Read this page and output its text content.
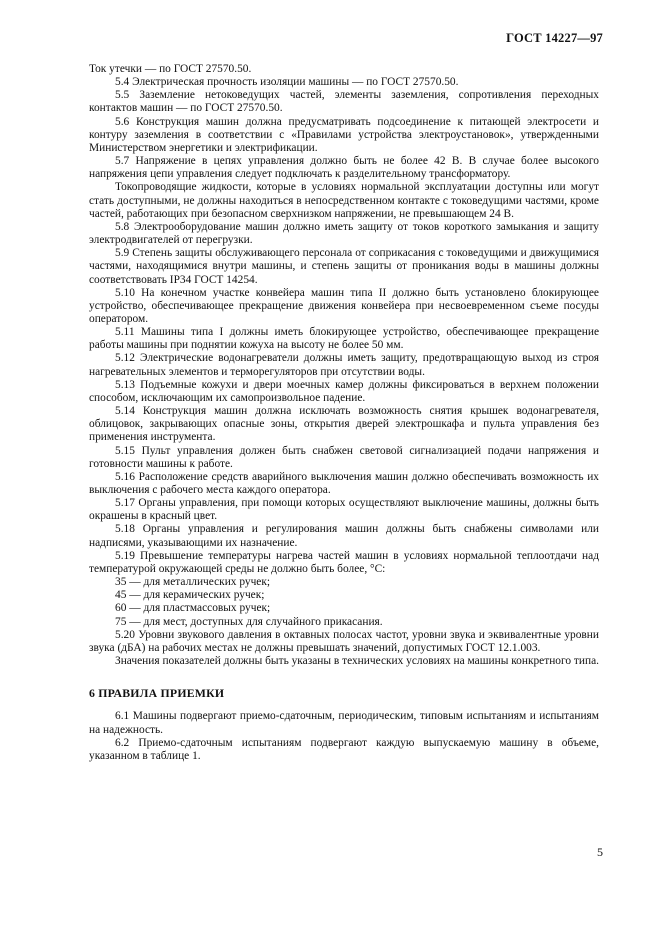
ГОСТ 14227—97

Ток утечки — по ГОСТ 27570.50.

5.4 Электрическая прочность изоляции машины — по ГОСТ 27570.50.

5.5 Заземление нетоковедущих частей, элементы заземления, сопротивления переходных контактов машин — по ГОСТ 27570.50.

5.6 Конструкция машин должна предусматривать подсоединение к питающей электросети и контуру заземления в соответствии с «Правилами устройства электроустановок», утвержденными Министерством энергетики и электрификации.

5.7 Напряжение в цепях управления должно быть не более 42 В. В случае более высокого напряжения цепи управления следует подключать к разделительному трансформатору.

Токопроводящие жидкости, которые в условиях нормальной эксплуатации доступны или могут стать доступными, не должны находиться в непосредственном контакте с токоведущими частями, кроме частей, работающих при безопасном сверхнизком напряжении, не превышающем 24 В.

5.8 Электрооборудование машин должно иметь защиту от токов короткого замыкания и защиту электродвигателей от перегрузки.

5.9 Степень защиты обслуживающего персонала от соприкасания с токоведущими и движущимися частями, находящимися внутри машины, и степень защиты от проникания воды в машины должны соответствовать IP34 ГОСТ 14254.

5.10 На конечном участке конвейера машин типа II должно быть установлено блокирующее устройство, обеспечивающее прекращение движения конвейера при несвоевременном съеме посуды оператором.

5.11 Машины типа I должны иметь блокирующее устройство, обеспечивающее прекращение работы машины при поднятии кожуха на высоту не более 50 мм.

5.12 Электрические водонагреватели должны иметь защиту, предотвращающую выход из строя нагревательных элементов и терморегуляторов при отсутствии воды.

5.13 Подъемные кожухи и двери моечных камер должны фиксироваться в верхнем положении способом, исключающим их самопроизвольное падение.

5.14 Конструкция машин должна исключать возможность снятия крышек водонагревателя, облицовок, закрывающих опасные зоны, открытия дверей электрошкафа и пульта управления без применения инструмента.

5.15 Пульт управления должен быть снабжен световой сигнализацией подачи напряжения и готовности машины к работе.

5.16 Расположение средств аварийного выключения машин должно обеспечивать возможность их выключения с рабочего места каждого оператора.

5.17 Органы управления, при помощи которых осуществляют выключение машины, должны быть окрашены в красный цвет.

5.18 Органы управления и регулирования машин должны быть снабжены символами или надписями, указывающими их назначение.

5.19 Превышение температуры нагрева частей машин в условиях нормальной теплоотдачи над температурой окружающей среды не должно быть более, °С:

35 — для металлических ручек;

45 — для керамических ручек;

60 — для пластмассовых ручек;

75 — для мест, доступных для случайного прикасания.

5.20 Уровни звукового давления в октавных полосах частот, уровни звука и эквивалентные уровни звука (дБА) на рабочих местах не должны превышать значений, допустимых ГОСТ 12.1.003.

Значения показателей должны быть указаны в технических условиях на машины конкретного типа.

6 ПРАВИЛА ПРИЕМКИ

6.1 Машины подвергают приемо-сдаточным, периодическим, типовым испытаниям и испытаниям на надежность.

6.2 Приемо-сдаточным испытаниям подвергают каждую выпускаемую машину в объеме, указанном в таблице 1.

5
